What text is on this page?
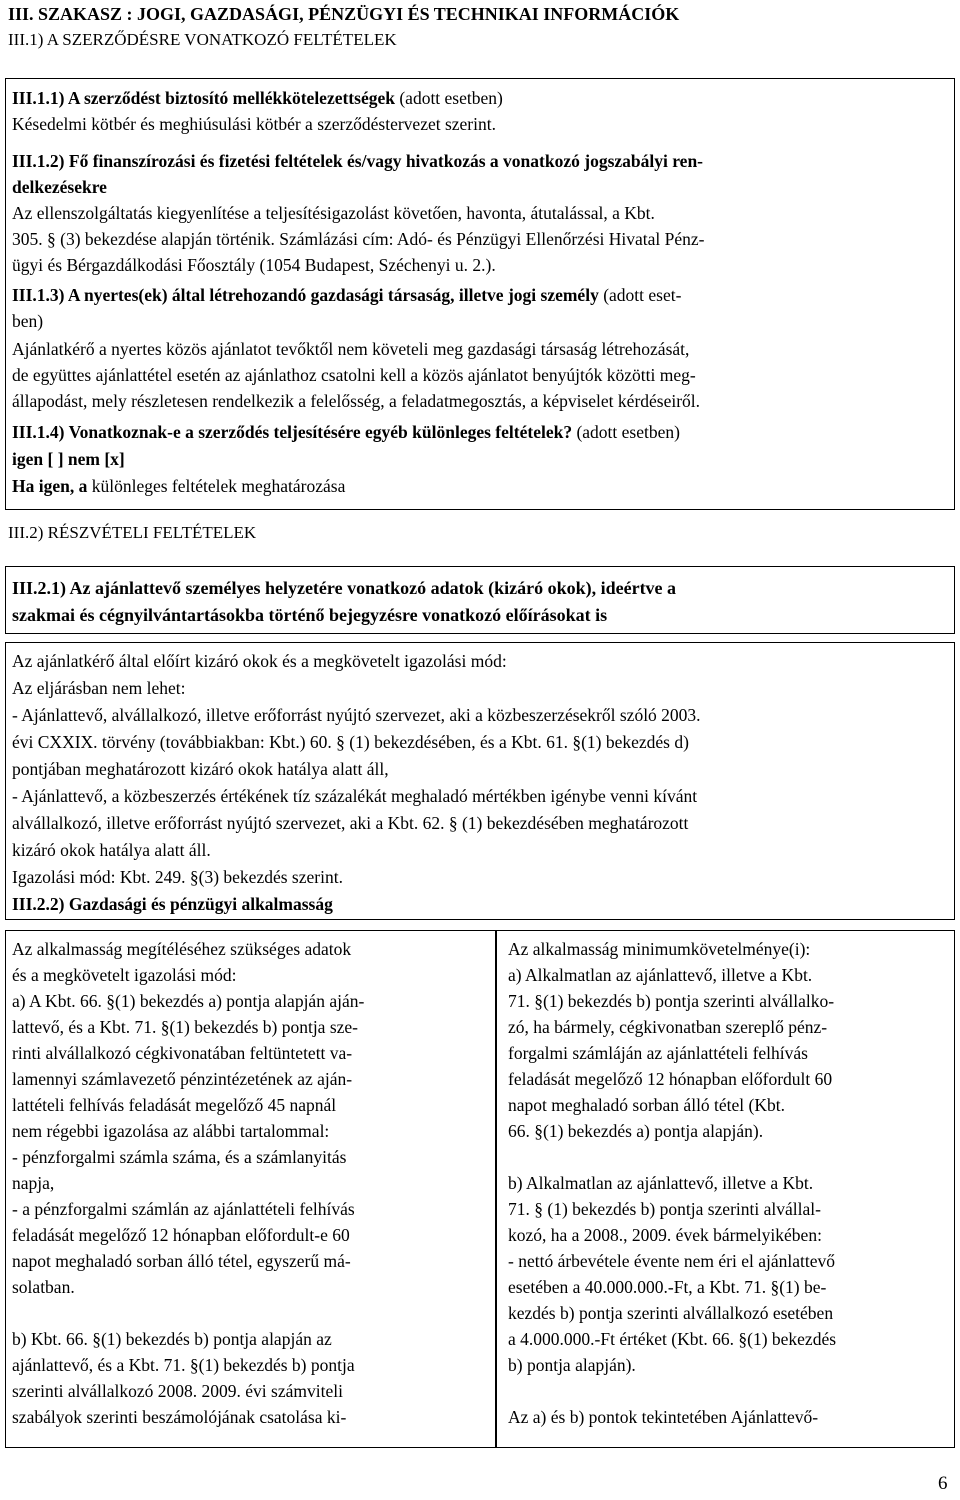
III. SZAKASZ : JOGI, GAZDASÁGI, PÉNZÜGYI ÉS TECHNIKAI INFORMÁCIÓK
III.1) A SZERZŐDÉSRE VONATKOZÓ FELTÉTELEK
III.1.1) A szerződést biztosító mellékkötelezettségek (adott esetben)
Késedelmi kötbér és meghiúsulási kötbér a szerződéstervezet szerint.
III.1.2) Fő finanszírozási és fizetési feltételek és/vagy hivatkozás a vonatkozó jogszabályi ren-
delkezésekre
Az ellenszolgáltatás kiegyenlítése a teljesítésigazolást követően, havonta, átutalással, a Kbt.
305. § (3) bekezdése alapján történik. Számlázási cím: Adó- és Pénzügyi Ellenőrzési Hivatal Pénz-
ügyi és Bérgazdálkodási Főosztály (1054 Budapest, Széchenyi u. 2.).
III.1.3) A nyertes(ek) által létrehozandó gazdasági társaság, illetve jogi személy (adott eset-
ben)
Ajánlatkérő a nyertes közös ajánlatot tevőktől nem követeli meg gazdasági társaság létrehozását,
de együttes ajánlattétel esetén az ajánlathoz csatolni kell a közös ajánlatot benyújtók közötti meg-
állapodást, mely részletesen rendelkezik a felelősség, a feladatmegosztás, a képviselet kérdéseiről.
III.1.4) Vonatkoznak-e a szerződés teljesítésére egyéb különleges feltételek? (adott esetben)
igen [ ] nem [x]
Ha igen, a különleges feltételek meghatározása
III.2) RÉSZVÉTELI FELTÉTELEK
III.2.1) Az ajánlattevő személyes helyzetére vonatkozó adatok (kizáró okok), ideértve a
szakmai és cégnyilvántartásokba történő bejegyzésre vonatkozó előírásokat is
Az ajánlatkérő által előírt kizáró okok és a megkövetelt igazolási mód:
Az eljárásban nem lehet:
- Ajánlattevő, alvállalkozó, illetve erőforrást nyújtó szervezet, aki a közbeszerzésekről szóló 2003.
évi CXXIX. törvény (továbbiakban: Kbt.) 60. § (1) bekezdésében, és a Kbt. 61. §(1) bekezdés d)
pontjában meghatározott kizáró okok hatálya alatt áll,
- Ajánlattevő, a közbeszerzés értékének tíz százalékát meghaladó mértékben igénybe venni kívánt
alvállalkozó, illetve erőforrást nyújtó szervezet, aki a Kbt. 62. § (1) bekezdésében meghatározott
kizáró okok hatálya alatt áll.
Igazolási mód: Kbt. 249. §(3) bekezdés szerint.
III.2.2) Gazdasági és pénzügyi alkalmasság
Az alkalmasság megítéléséhez szükséges adatok
és a megkövetelt igazolási mód:
a) A Kbt. 66. §(1) bekezdés a) pontja alapján aján-
lattevő, és a Kbt. 71. §(1) bekezdés b) pontja sze-
rinti alvállalkozó cégkivonatában feltüntetett va-
lamennyi számlavezető pénzintézetének az aján-
lattételi felhívás feladását megelőző 45 napnál
nem régebbi igazolása az alábbi tartalommal:
- pénzforgalmi számla száma, és a számlanyitás
napja,
- a pénzforgalmi számlán az ajánlattételi felhívás
feladását megelőző 12 hónapban előfordult-e 60
napot meghaladó sorban álló tétel, egyszerű má-
solatban.
b) Kbt. 66. §(1) bekezdés b) pontja alapján az
ajánlattevő, és a Kbt. 71. §(1) bekezdés b) pontja
szerinti alvállalkozó 2008. 2009. évi számviteli
szabályok szerinti beszámolójának csatolása ki-
Az alkalmasság minimumkövetelménye(i):
a) Alkalmatlan az ajánlattevő, illetve a Kbt.
71. §(1) bekezdés b) pontja szerinti alvállalko-
zó, ha bármely, cégkivonatban szereplő pénz-
forgalmi számláján az ajánlattételi felhívás
feladását megelőző 12 hónapban előfordult 60
napot meghaladó sorban álló tétel (Kbt.
66. §(1) bekezdés a) pontja alapján).
b) Alkalmatlan az ajánlattevő, illetve a Kbt.
71. § (1) bekezdés b) pontja szerinti alvállal-
kozó, ha a 2008., 2009. évek bármelyikében:
- nettó árbevétele évente nem éri el ajánlattevő
esetében a 40.000.000.-Ft, a Kbt. 71. §(1) be-
kezdés b) pontja szerinti alvállalkozó esetében
a 4.000.000.-Ft értéket (Kbt. 66. §(1) bekezdés
b) pontja alapján).
Az a) és b) pontok tekintetében Ajánlattevő-
6
